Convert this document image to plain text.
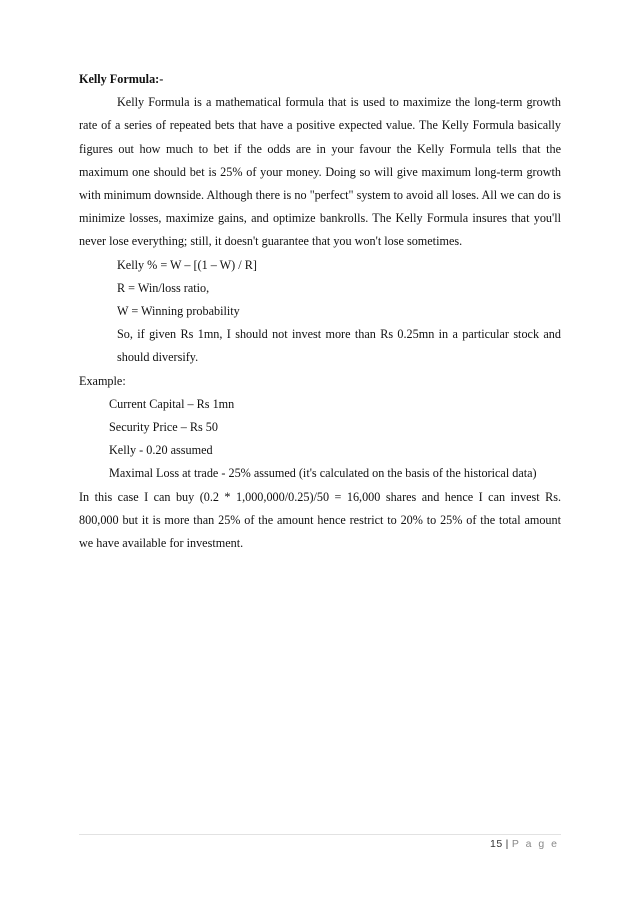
Kelly Formula:-

Kelly Formula is a mathematical formula that is used to maximize the long-term growth rate of a series of repeated bets that have a positive expected value. The Kelly Formula basically figures out how much to bet if the odds are in your favour the Kelly Formula tells that the maximum one should bet is 25% of your money. Doing so will give maximum long-term growth with minimum downside. Although there is no "perfect" system to avoid all loses. All we can do is minimize losses, maximize gains, and optimize bankrolls. The Kelly Formula insures that you'll never lose everything; still, it doesn't guarantee that you won't lose sometimes.

Kelly % = W – [(1 – W) / R]

R = Win/loss ratio,

W = Winning probability

So, if given Rs 1mn, I should not invest more than Rs 0.25mn in a particular stock and should diversify.

Example:

Current Capital – Rs 1mn

Security Price – Rs 50

Kelly - 0.20 assumed

Maximal Loss at trade - 25% assumed (it's calculated on the basis of the historical data)

In this case I can buy (0.2 * 1,000,000/0.25)/50 = 16,000 shares and hence I can invest Rs. 800,000 but it is more than 25% of the amount hence restrict to 20% to 25% of the total amount we have available for investment.

15 | P a g e
